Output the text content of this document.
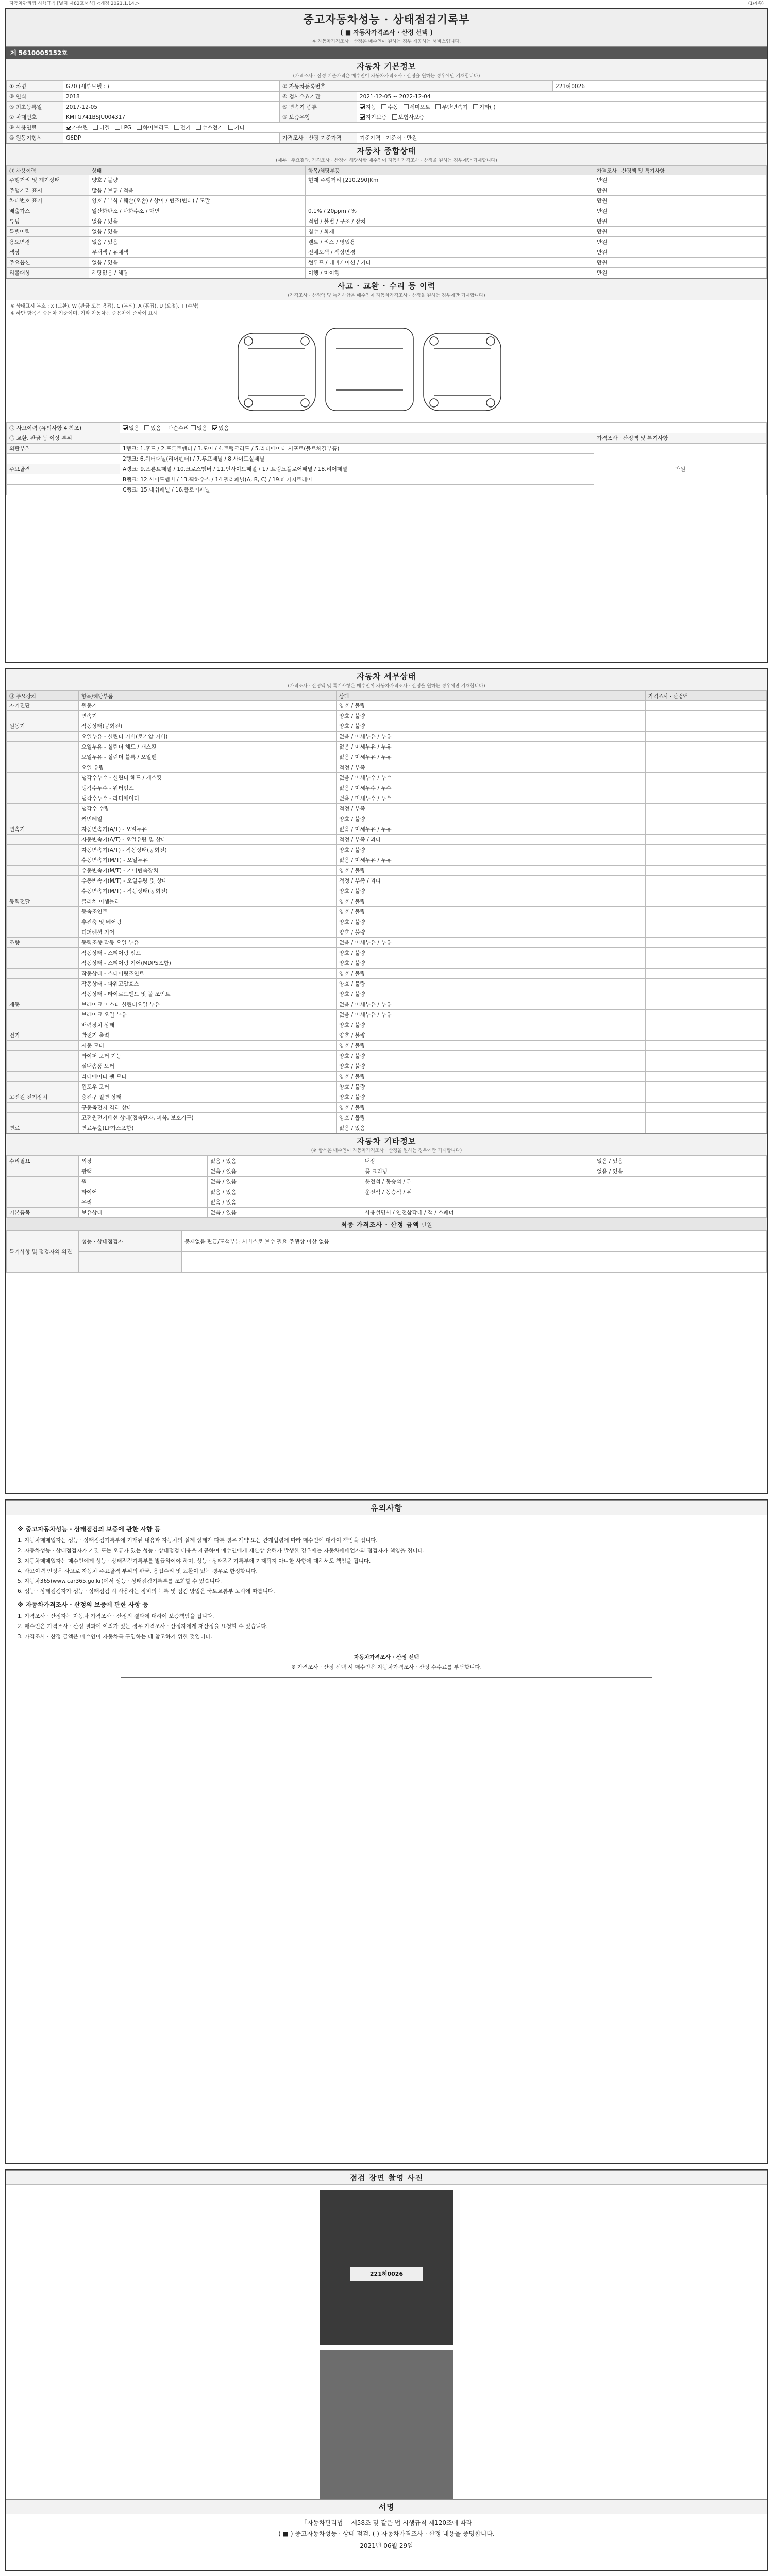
자동차관리법 시행규칙 [별지 제82호서식] <개정 2021.1.14.>	(1/4쪽)
중고자동차성능 · 상태점검기록부
( ■ 자동차가격조사 · 산정 선택 )
※ 자동차가격조사 · 산정은 매수인이 원하는 경우 제공하는 서비스입니다.
제 5610005152호
자동차 기본정보
(가격조사 · 산정 기준가격은 매수인이 자동차가격조사 · 산정을 원하는 경우에만 기재합니다)
① 차명	G70 (세부모델 : )	② 자동차등록번호		221허0026
③ 연식	2018	④ 검사유효기간	2021-12-05 ~ 2022-12-04	
⑤ 최초등록일	2017-12-05	⑥ 변속기 종류	자동 수동 세미오토 무단변속기 기타( )	
⑦ 차대번호	KMTG741BSJU004317	⑧ 보증유형	자가보증 보험사보증	
⑨ 사용연료	가솔린 디젤 LPG 하이브리드 전기 수소전기 기타			
⑩ 원동기형식	G6DP	가격조사 · 산정 기준가격	기준가격 · 기준서 · 만원	
자동차 종합상태
(세부 · 주요결과, 가격조사 · 산정에 해당사항 매수인이 자동차가격조사 · 산정을 원하는 경우에만 기재합니다)
⑪ 사용이력	상태	항목/해당부품	가격조사 · 산정액 및 특기사항
주행거리 및 계기상태	양호 / 불량	현재 주행거리 [210,290]Km	만원
주행거리 표시	많음 / 보통 / 적음		만원
차대번호 표기	양호 / 부식 / 훼손(오손) / 상이 / 변조(변타) / 도말		만원
배출가스	일산화탄소 / 탄화수소 / 매연	0.1% / 20ppm / %	만원
튜닝	없음 / 있음	적법 / 불법 / 구조 / 장치	만원
특별이력	없음 / 있음	침수 / 화재	만원
용도변경	없음 / 있음	렌트 / 리스 / 영업용	만원
색상	무채색 / 유채색	전체도색 / 색상변경	만원
주요옵션	없음 / 있음	썬루프 / 네비게이션 / 기타	만원
리콜대상	해당없음 / 해당	이행 / 미이행	만원
사고 · 교환 · 수리 등 이력
(가격조사 · 산정액 및 특기사항은 매수인이 자동차가격조사 · 산정을 원하는 경우에만 기재합니다)
※ 상태표시 부호 : X (교환), W (판금 또는 용접), C (부식), A (흠집), U (요철), T (손상)
※ 하단 항목은 승용차 기준이며, 기타 자동차는 승용차에 준하여 표시
⑫ 사고이력 (유의사항 4 참조)	없음 있음 단순수리 없음 있음	
⑬ 교환, 판금 등 이상 부위		가격조사 · 산정액 및 특기사항
외판부위	1랭크: 1.후드 / 2.프론트펜더 / 3.도어 / 4.트렁크리드 / 5.라디에이터 서포트(볼트체결부품)	만원
	2랭크: 6.쿼터패널(리어펜더) / 7.루프패널 / 8.사이드실패널	
주요골격	A랭크: 9.프론트패널 / 10.크로스멤버 / 11.인사이드패널 / 17.트렁크플로어패널 / 18.리어패널	
	B랭크: 12.사이드멤버 / 13.휠하우스 / 14.필러패널(A, B, C) / 19.패키지트레이	
	C랭크: 15.대쉬패널 / 16.플로어패널	
자동차 세부상태
(가격조사 · 산정액 및 특기사항은 매수인이 자동차가격조사 · 산정을 원하는 경우에만 기재합니다)
⑭ 주요장치	항목/해당부품	상태	가격조사 · 산정액
자기진단	원동기	양호 / 불량	
	변속기	양호 / 불량	
원동기	작동상태(공회전)	양호 / 불량	
	오일누유 - 실린더 커버(로커암 커버)	없음 / 미세누유 / 누유	
	오일누유 - 실린더 헤드 / 개스킷	없음 / 미세누유 / 누유	
	오일누유 - 실린더 블록 / 오일팬	없음 / 미세누유 / 누유	
	오일 유량	적정 / 부족	
	냉각수누수 - 실린더 헤드 / 개스킷	없음 / 미세누수 / 누수	
	냉각수누수 - 워터펌프	없음 / 미세누수 / 누수	
	냉각수누수 - 라디에이터	없음 / 미세누수 / 누수	
	냉각수 수량	적정 / 부족	
	커먼레일	양호 / 불량	
변속기	자동변속기(A/T) - 오일누유	없음 / 미세누유 / 누유	
	자동변속기(A/T) - 오일유량 및 상태	적정 / 부족 / 과다	
	자동변속기(A/T) - 작동상태(공회전)	양호 / 불량	
	수동변속기(M/T) - 오일누유	없음 / 미세누유 / 누유	
	수동변속기(M/T) - 기어변속장치	양호 / 불량	
	수동변속기(M/T) - 오일유량 및 상태	적정 / 부족 / 과다	
	수동변속기(M/T) - 작동상태(공회전)	양호 / 불량	
동력전달	클러치 어셈블리	양호 / 불량	
	등속조인트	양호 / 불량	
	추진축 및 베어링	양호 / 불량	
	디퍼렌셜 기어	양호 / 불량	
조향	동력조향 작동 오일 누유	없음 / 미세누유 / 누유	
	작동상태 - 스티어링 펌프	양호 / 불량	
	작동상태 - 스티어링 기어(MDPS포함)	양호 / 불량	
	작동상태 - 스티어링조인트	양호 / 불량	
	작동상태 - 파워고압호스	양호 / 불량	
	작동상태 - 타이로드엔드 및 볼 조인트	양호 / 불량	
제동	브레이크 마스터 실린더오일 누유	없음 / 미세누유 / 누유	
	브레이크 오일 누유	없음 / 미세누유 / 누유	
	배력장치 상태	양호 / 불량	
전기	발전기 출력	양호 / 불량	
	시동 모터	양호 / 불량	
	와이퍼 모터 기능	양호 / 불량	
	실내송풍 모터	양호 / 불량	
	라디에이터 팬 모터	양호 / 불량	
	윈도우 모터	양호 / 불량	
고전원 전기장치	충전구 절연 상태	양호 / 불량	
	구동축전지 격리 상태	양호 / 불량	
	고전원전기배선 상태(접속단자, 피복, 보호기구)	양호 / 불량	
연료	연료누출(LP가스포함)	없음 / 있음	
자동차 기타정보
(※ 항목은 매수인이 자동차가격조사 · 산정을 원하는 경우에만 기재합니다)
수리필요	외장	없음 / 있음	내장	없음 / 있음
	광택	없음 / 있음	룸 크리닝	없음 / 있음
	휠	없음 / 있음	운전석 / 동승석 / 뒤	
	타이어	없음 / 있음	운전석 / 동승석 / 뒤	
	유리	없음 / 있음		
기본품목	보유상태	없음 / 있음	사용설명서 / 안전삼각대 / 잭 / 스패너	
최종 가격조사 · 산정 금액 만원
특기사항 및 점검자의 의견	성능 · 상태점검자	문제없음 판금/도색부분 서비스로 보수 필요 주행상 이상 없음

유의사항
※ 중고자동차성능 · 상태점검의 보증에 관한 사항 등

1. 자동차매매업자는 성능 · 상태점검기록부에 기재된 내용과 자동차의 실제 상태가 다른 경우 계약 또는 관계법령에 따라 매수인에 대하여 책임을 집니다.

2. 자동차성능 · 상태점검자가 거짓 또는 오류가 있는 성능 · 상태점검 내용을 제공하여 매수인에게 재산상 손해가 발생한 경우에는 자동차매매업자와 점검자가 책임을 집니다.

3. 자동차매매업자는 매수인에게 성능 · 상태점검기록부를 발급하여야 하며, 성능 · 상태점검기록부에 기재되지 아니한 사항에 대해서도 책임을 집니다.

4. 사고이력 인정은 사고로 자동차 주요골격 부위의 판금, 용접수리 및 교환이 있는 경우로 한정합니다.

5. 자동차365(www.car365.go.kr)에서 성능 · 상태점검기록부를 조회할 수 있습니다.

6. 성능 · 상태점검자가 성능 · 상태점검 시 사용하는 장비의 목록 및 점검 방법은 국토교통부 고시에 따릅니다.

※ 자동차가격조사 · 산정의 보증에 관한 사항 등

1. 가격조사 · 산정자는 자동차 가격조사 · 산정의 결과에 대하여 보증책임을 집니다.

2. 매수인은 가격조사 · 산정 결과에 이의가 있는 경우 가격조사 · 산정자에게 재산정을 요청할 수 있습니다.

3. 가격조사 · 산정 금액은 매수인이 자동차를 구입하는 데 참고하기 위한 것입니다.

자동차가격조사 · 산정 선택

※ 가격조사 · 산정 선택 시 매수인은 자동차가격조사 · 산정 수수료를 부담합니다.

점검 장면 촬영 사진
221허0026
서명
「자동차관리법」 제58조 및 같은 법 시행규칙 제120조에 따라
( ■ ) 중고자동차성능 · 상태 점검, ( ) 자동차가격조사 · 산정 내용을 증명합니다.
2021년 06월 29일
